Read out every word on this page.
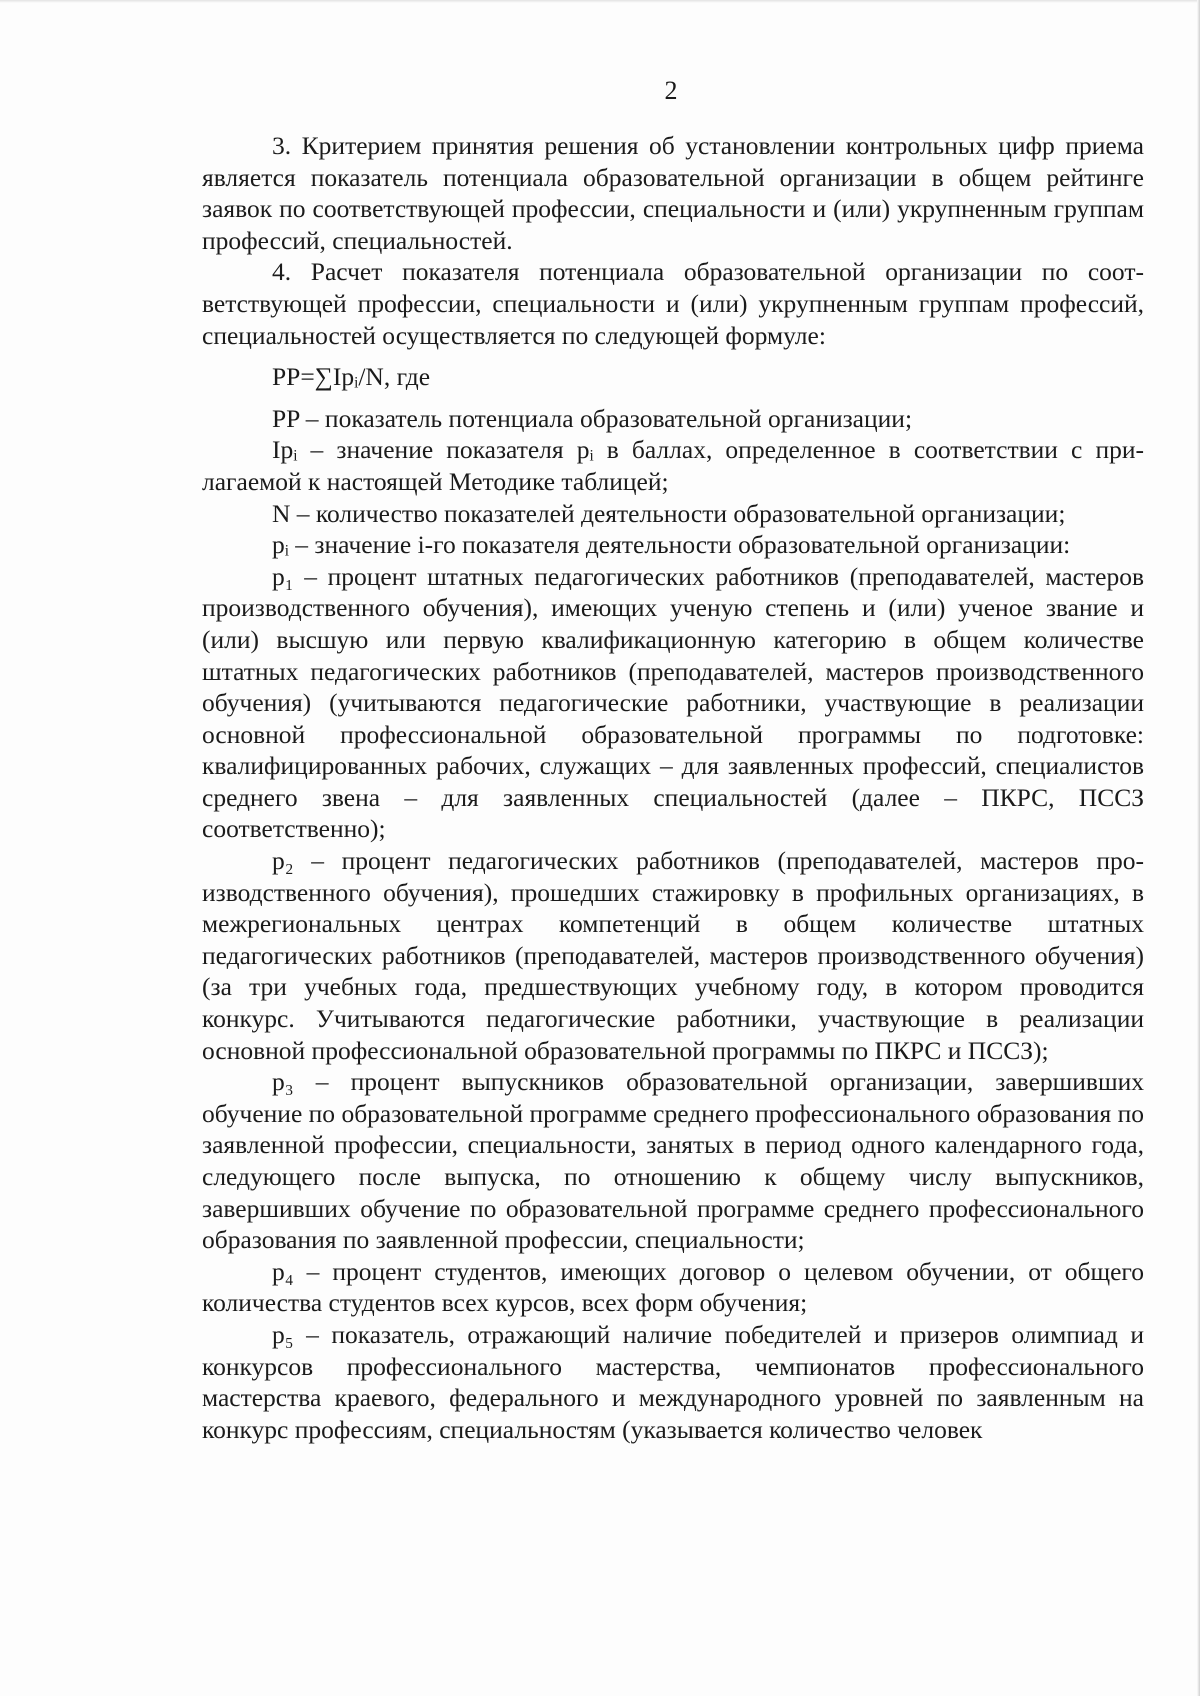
2

3. Критерием принятия решения об установлении контрольных цифр приема является показатель потенциала образовательной организации в общем рейтинге заявок по соответствующей профессии, специальности и (или) укрупненным группам профессий, специальностей.

4. Расчет показателя потенциала образовательной организации по соответствующей профессии, специальности и (или) укрупненным группам профессий, специальностей осуществляется по следующей формуле:

PP=∑Ipᵢ/N, где

PP – показатель потенциала образовательной организации;

Ipᵢ – значение показателя pᵢ в баллах, определенное в соответствии с прилагаемой к настоящей Методике таблицей;

N – количество показателей деятельности образовательной организации;

pᵢ – значение i-го показателя деятельности образовательной организации:

p₁ – процент штатных педагогических работников (преподавателей, мастеров производственного обучения), имеющих ученую степень и (или) ученое звание и (или) высшую или первую квалификационную категорию в общем количестве штатных педагогических работников (преподавателей, мастеров производственного обучения) (учитываются педагогические работники, участвующие в реализации основной профессиональной образовательной программы по подготовке: квалифицированных рабочих, служащих – для заявленных профессий, специалистов среднего звена – для заявленных специальностей (далее – ПКРС, ПССЗ соответственно);

p₂ – процент педагогических работников (преподавателей, мастеров производственного обучения), прошедших стажировку в профильных организациях, в межрегиональных центрах компетенций в общем количестве штатных педагогических работников (преподавателей, мастеров производственного обучения) (за три учебных года, предшествующих учебному году, в котором проводится конкурс. Учитываются педагогические работники, участвующие в реализации основной профессиональной образовательной программы по ПКРС и ПССЗ);

p₃ – процент выпускников образовательной организации, завершивших обучение по образовательной программе среднего профессионального образования по заявленной профессии, специальности, занятых в период одного календарного года, следующего после выпуска, по отношению к общему числу выпускников, завершивших обучение по образовательной программе среднего профессионального образования по заявленной профессии, специальности;

p₄ – процент студентов, имеющих договор о целевом обучении, от общего количества студентов всех курсов, всех форм обучения;

p₅ – показатель, отражающий наличие победителей и призеров олимпиад и конкурсов профессионального мастерства, чемпионатов профессионального мастерства краевого, федерального и международного уровней по заявленным на конкурс профессиям, специальностям (указывается количество человек
